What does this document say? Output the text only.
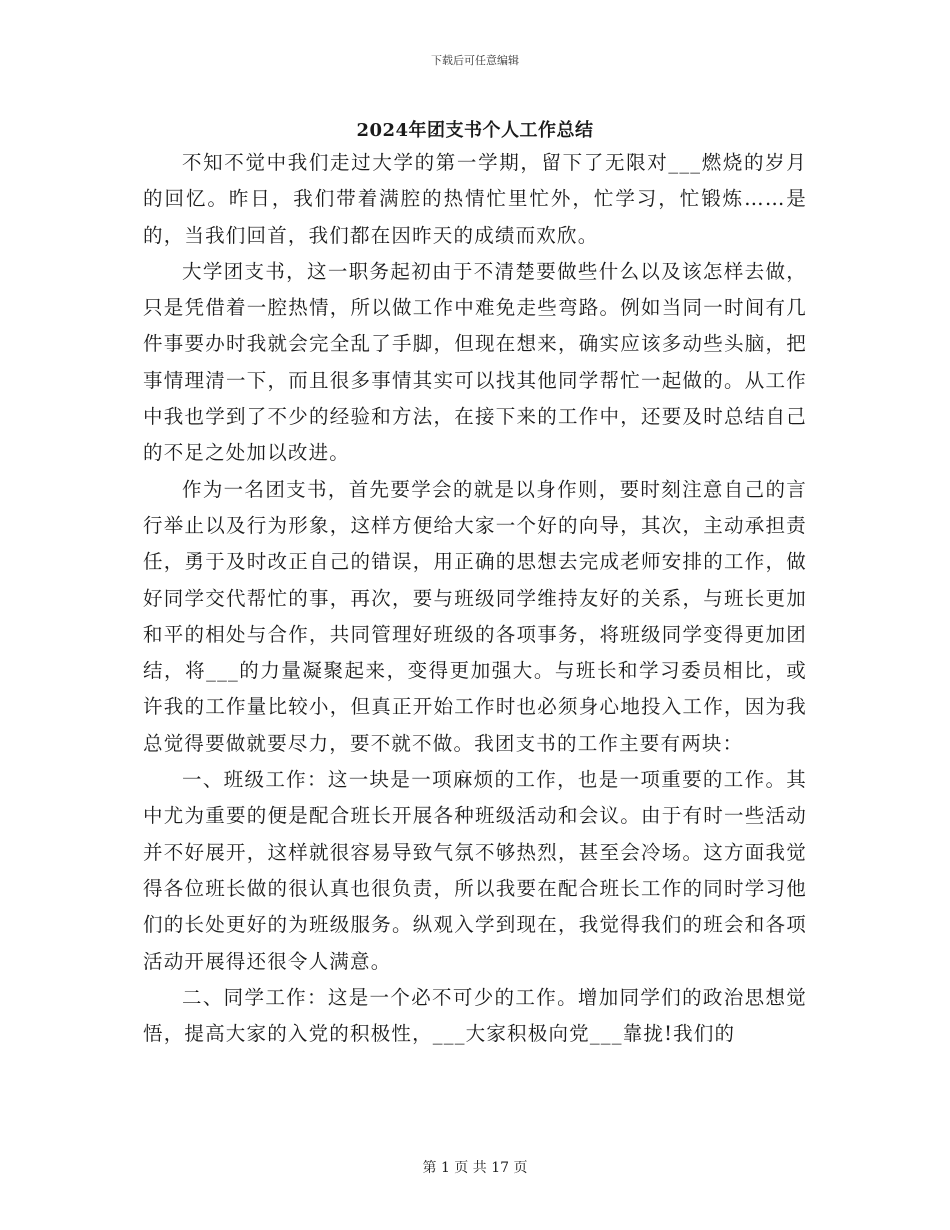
下载后可任意编辑
2024年团支书个人工作总结

不知不觉中我们走过大学的第一学期，留下了无限对___燃烧的岁月的回忆。昨日，我们带着满腔的热情忙里忙外，忙学习，忙锻炼……是的，当我们回首，我们都在因昨天的成绩而欢欣。

大学团支书，这一职务起初由于不清楚要做些什么以及该怎样去做，只是凭借着一腔热情，所以做工作中难免走些弯路。例如当同一时间有几件事要办时我就会完全乱了手脚，但现在想来，确实应该多动些头脑，把事情理清一下，而且很多事情其实可以找其他同学帮忙一起做的。从工作中我也学到了不少的经验和方法，在接下来的工作中，还要及时总结自己的不足之处加以改进。

作为一名团支书，首先要学会的就是以身作则，要时刻注意自己的言行举止以及行为形象，这样方便给大家一个好的向导，其次，主动承担责任，勇于及时改正自己的错误，用正确的思想去完成老师安排的工作，做好同学交代帮忙的事，再次，要与班级同学维持友好的关系，与班长更加和平的相处与合作，共同管理好班级的各项事务，将班级同学变得更加团结，将___的力量凝聚起来，变得更加强大。与班长和学习委员相比，或许我的工作量比较小，但真正开始工作时也必须身心地投入工作，因为我总觉得要做就要尽力，要不就不做。我团支书的工作主要有两块：

一、班级工作：这一块是一项麻烦的工作，也是一项重要的工作。其中尤为重要的便是配合班长开展各种班级活动和会议。由于有时一些活动并不好展开，这样就很容易导致气氛不够热烈，甚至会冷场。这方面我觉得各位班长做的很认真也很负责，所以我要在配合班长工作的同时学习他们的长处更好的为班级服务。纵观入学到现在，我觉得我们的班会和各项活动开展得还很令人满意。

二、同学工作：这是一个必不可少的工作。增加同学们的政治思想觉悟，提高大家的入党的积极性，___大家积极向党___靠拢!我们的

第 1 页 共 17 页
